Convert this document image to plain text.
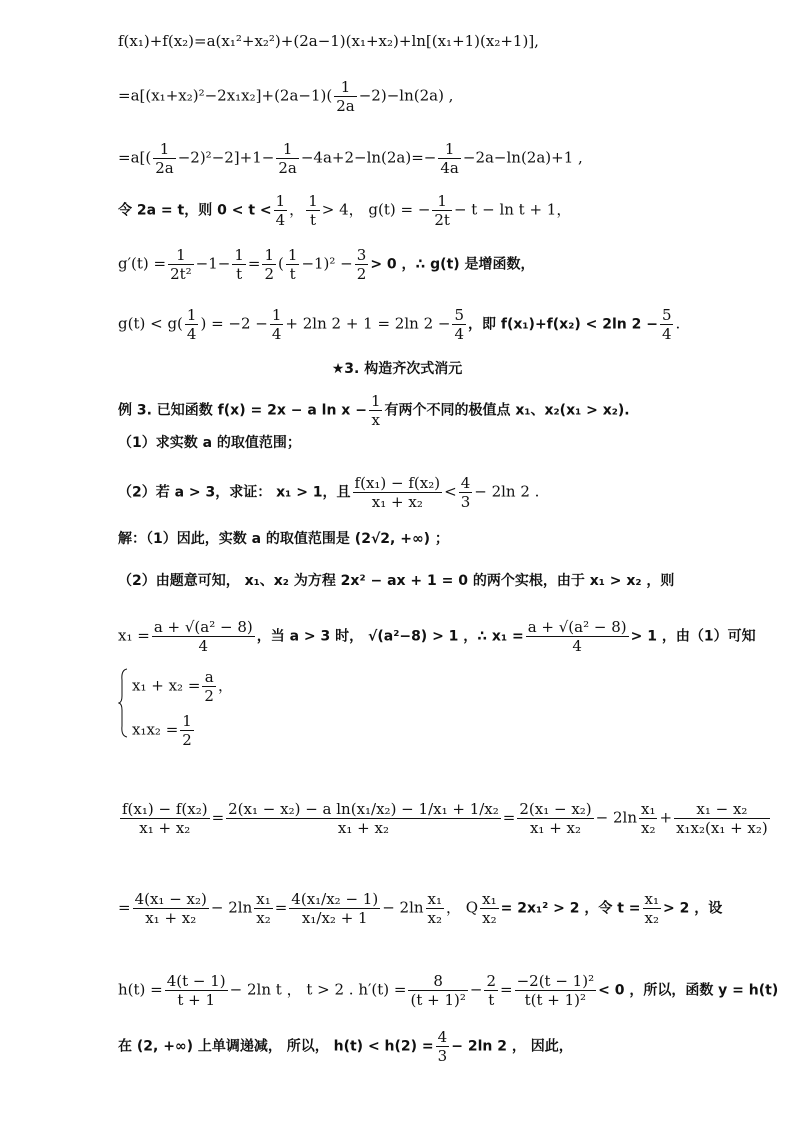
f(x₁)+f(x₂)=a(x₁²+x₂²)+(2a−1)(x₁+x₂)+ln[(x₁+1)(x₂+1)],
$=a[(x_1+x_2)^2-2x_1x_2]+(2a-1)( \frac{1}{2a} -2)-\ln(2a)$ ,
$=a[( \frac{1}{2a} -2)^2-2]+1- \frac{1}{2a} -4a+2-\ln(2a)=- \frac{1}{4a} -2a-\ln(2a)+1$ ,
令 2a = t，则 $0 < t < \frac{1}{4}$ ， $\frac{1}{t} > 4$， g(t) = − $\frac{1}{2t} - t - \ln t + 1$，
$g'(t) = \frac{1}{\text{2t²}} -1- \frac{1}{t} = \frac{1}{2}$ ( $\frac{1}{t} -1)^2 - \frac{3}{2} > 0$ ，∴ g(t) 是增函数，
$g(t) < g( \frac{1}{4}$ ) = $-2 - \frac{1}{4} + 2\ln$ 2 + 1 = 2ln $2 - \frac{5}{4}$ ，即 f(x₁)+f(x₂) < 2ln $2 - \frac{5}{4}$ .
★3. 构造齐次式消元
例 3. 已知函数 f(x) = 2x − a $\ln x - \frac{1}{x}$ 有两个不同的极值点 x₁、x₂(x₁ > x₂).
（1）求实数 a 的取值范围；
（2）若 a > 3，求证： x₁ > 1，且 $\frac{\text{f(x₁) − f(x₂)}}{\text{x₁ + x₂}} < \frac{4}{3} - 2\ln$ 2 .
解：（1）因此，实数 a 的取值范围是 (2√2, +∞) ；
（2）由题意可知， x₁、x₂ 为方程 2x² − ax + 1 = 0 的两个实根，由于 x₁ > x₂ ，则
$x_1 = \frac{\text{a + √(a² − 8)}}{4}$ ，当 a > 3 时， √(a²−8) > 1 ，∴ $x_1 = \frac{\text{a + √(a² − 8)}}{4} > 1$ ，由（1）可知
$x_1 + x_2 = \frac{a}{2}$ ，
$x_1x_2 = \frac{1}{2}$
$\frac{\text{f(x₁) − f(x₂)}}{\text{x₁ + x₂}} = \frac{\text{2(x₁ − x₂) − a ln(x₁/x₂) − 1/x₁ + 1/x₂}}{\text{x₁ + x₂}} = \frac{\text{2(x₁ − x₂)}}{\text{x₁ + x₂}} - 2\ln \frac{\text{x₁}}{\text{x₂}} + \frac{\text{x₁ − x₂}}{\text{x₁x₂(x₁ + x₂)}}$
= $\frac{\text{4(x₁ − x₂)}}{\text{x₁ + x₂}} - 2\ln \frac{\text{x₁}}{\text{x₂}} = \frac{\text{4(x₁/x₂ − 1)}}{\text{x₁/x₂ + 1}} - 2\ln \frac{\text{x₁}}{\text{x₂}}$ ， Q $\frac{\text{x₁}}{\text{x₂}} = 2x_1^2 > 2$ ，令 $t = \frac{\text{x₁}}{\text{x₂}} > 2$ ，设
$h(t) = \frac{4(t - 1)}{t + 1} - 2\ln$ t ， t > 2 . $h'(t) = \frac{8}{\text{(t + 1)²}} - \frac{2}{t} = \frac{\text{−2(t − 1)²}}{\text{t(t + 1)²}} < 0$ ，所以，函数 y = h(t)
在 (2, +∞) 上单调递减， 所以， $h(t) < h(2) = \frac{4}{3} - 2\ln$ 2 ， 因此，
